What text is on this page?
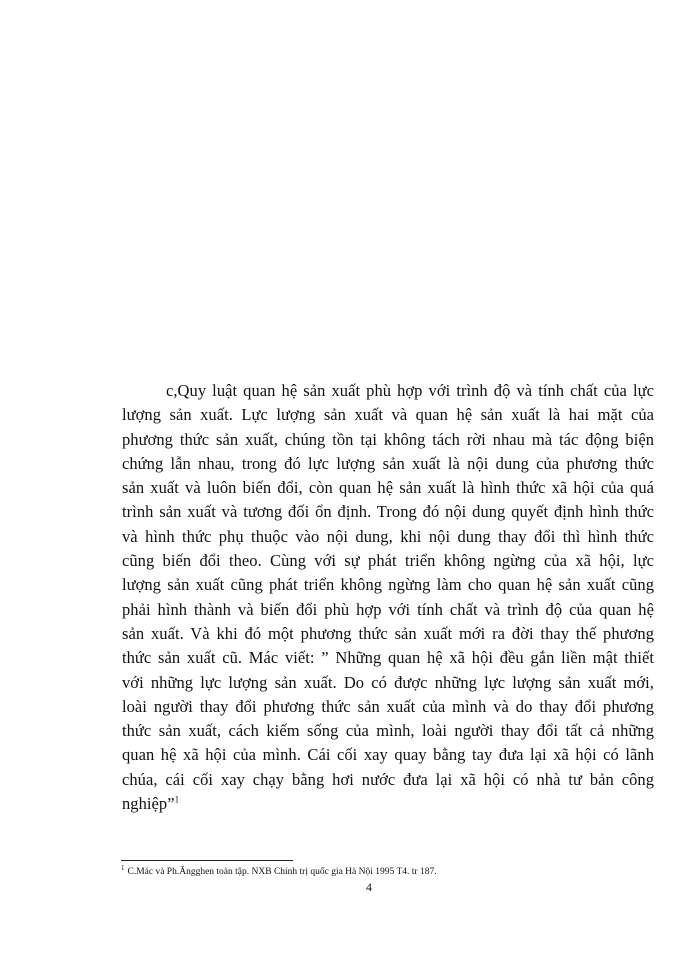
c,Quy luật quan hệ sản xuất phù hợp với trình độ và tính chất của lực
lượng sản xuất. Lực lượng sản xuất và quan hệ sản xuất là hai mặt của
phương thức sản xuất, chúng tồn tại không tách rời nhau mà tác động biện
chứng lẫn nhau, trong đó lực lượng sản xuất là nội dung của phương thức
sản xuất và luôn biến đổi, còn quan hệ sản xuất là hình thức xã hội của quá
trình sản xuất và tương đối ổn định. Trong đó nội dung quyết định hình thức
và hình thức phụ thuộc vào nội dung, khi nội dung thay đổi thì hình thức
cũng biến đổi theo. Cùng với sự phát triển không ngừng của xã hội, lực
lượng sản xuất cũng phát triển không ngừng làm cho quan hệ sản xuất cũng
phải hình thành và biến đổi phù hợp với tính chất và trình độ của quan hệ
sản xuất. Và khi đó một phương thức sản xuất mới ra đời thay thế phương
thức sản xuất cũ. Mác viết: ” Những quan hệ xã hội đều gắn liền mật thiết
với những lực lượng sản xuất. Do có được những lực lượng sản xuất mới,
loài người thay đổi phương thức sản xuất của mình và do thay đổi phương
thức sản xuất, cách kiếm sống của mình, loài người thay đổi tất cả những
quan hệ xã hội của mình. Cái cối xay quay bằng tay đưa lại xã hội có lãnh
chúa, cái cối xay chạy bằng hơi nước đưa lại xã hội có nhà tư bản công
nghiệp”$^1$
$^1$ C.Mác và Ph.Ăngghen toàn tập. NXB Chính trị quốc gia Hà Nội 1995 T4. tr 187.
4
